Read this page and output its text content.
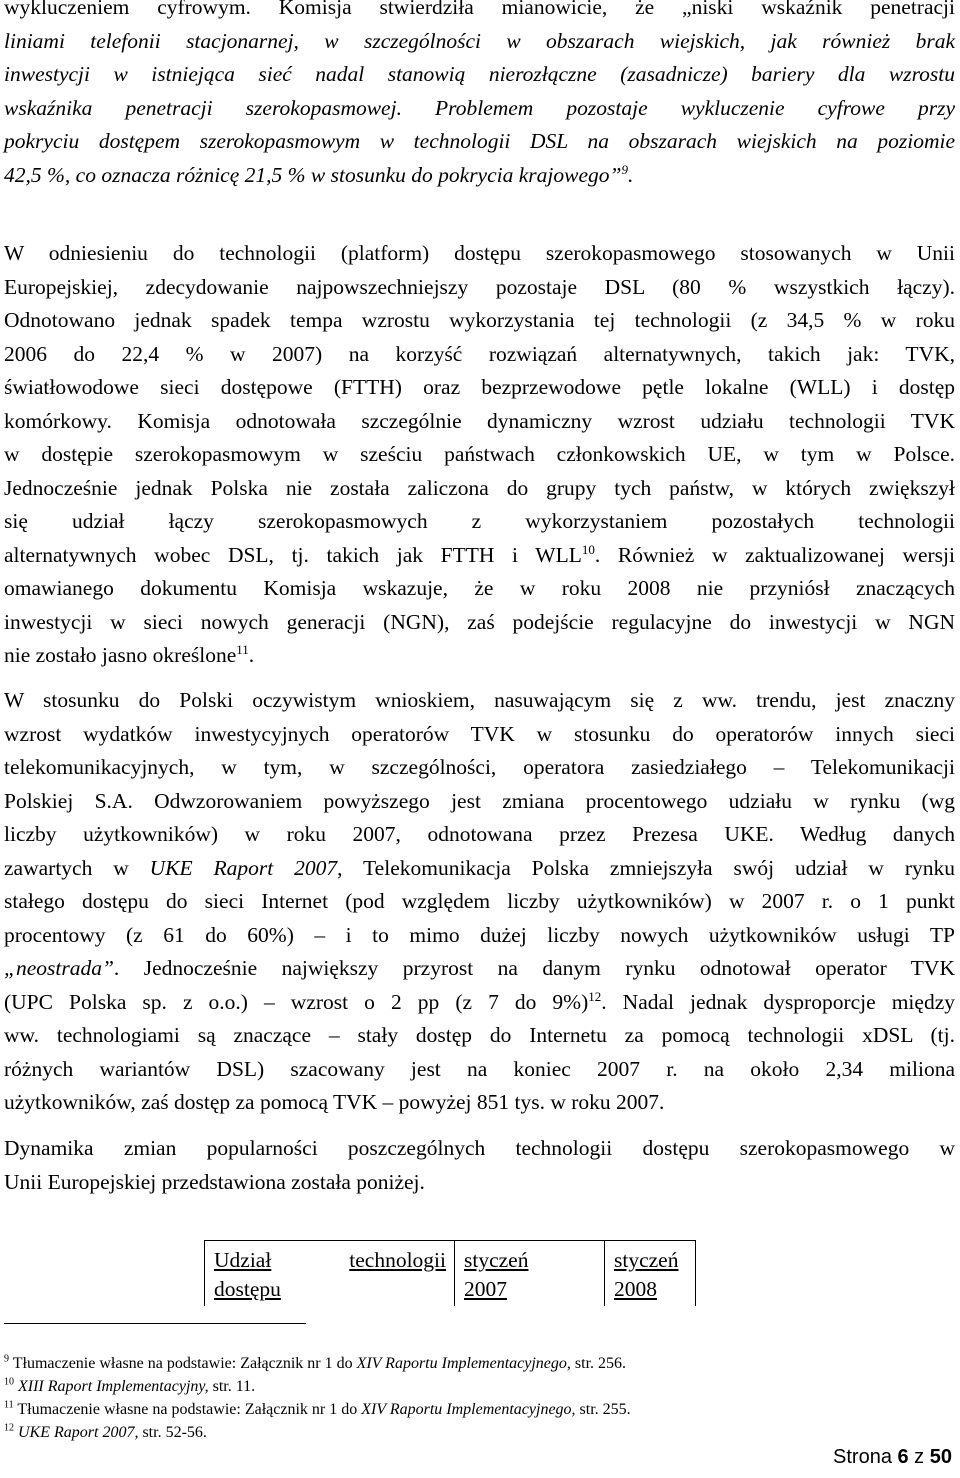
wykluczeniem cyfrowym. Komisja stwierdziła mianowicie, że „niski wskaźnik penetracji
liniami telefonii stacjonarnej, w szczególności w obszarach wiejskich, jak również brak
inwestycji w istniejąca sieć nadal stanowią nierozłączne (zasadnicze) bariery dla wzrostu
wskaźnika penetracji szerokopasmowej. Problemem pozostaje wykluczenie cyfrowe przy
pokryciu dostępem szerokopasmowym w technologii DSL na obszarach wiejskich na poziomie
42,5 %, co oznacza różnicę 21,5 % w stosunku do pokrycia krajowego”$^9$.
W odniesieniu do technologii (platform) dostępu szerokopasmowego stosowanych w Unii
Europejskiej, zdecydowanie najpowszechniejszy pozostaje DSL (80 % wszystkich łączy).
Odnotowano jednak spadek tempa wzrostu wykorzystania tej technologii (z 34,5 % w roku
2006 do 22,4 % w 2007) na korzyść rozwiązań alternatywnych, takich jak: TVK,
światłowodowe sieci dostępowe (FTTH) oraz bezprzewodowe pętle lokalne (WLL) i dostęp
komórkowy. Komisja odnotowała szczególnie dynamiczny wzrost udziału technologii TVK
w dostępie szerokopasmowym w sześciu państwach członkowskich UE, w tym w Polsce.
Jednocześnie jednak Polska nie została zaliczona do grupy tych państw, w których zwiększył
się udział łączy szerokopasmowych z wykorzystaniem pozostałych technologii
alternatywnych wobec DSL, tj. takich jak FTTH i WLL$^{10}$. Również w zaktualizowanej wersji
omawianego dokumentu Komisja wskazuje, że w roku 2008 nie przyniósł znaczących
inwestycji w sieci nowych generacji (NGN), zaś podejście regulacyjne do inwestycji w NGN
nie zostało jasno określone$^{11}$.
W stosunku do Polski oczywistym wnioskiem, nasuwającym się z ww. trendu, jest znaczny
wzrost wydatków inwestycyjnych operatorów TVK w stosunku do operatorów innych sieci
telekomunikacyjnych, w tym, w szczególności, operatora zasiedziałego – Telekomunikacji
Polskiej S.A. Odwzorowaniem powyższego jest zmiana procentowego udziału w rynku (wg
liczby użytkowników) w roku 2007, odnotowana przez Prezesa UKE. Według danych
zawartych w UKE Raport 2007, Telekomunikacja Polska zmniejszyła swój udział w rynku
stałego dostępu do sieci Internet (pod względem liczby użytkowników) w 2007 r. o 1 punkt
procentowy (z 61 do 60%) – i to mimo dużej liczby nowych użytkowników usługi TP
„neostrada”. Jednocześnie największy przyrost na danym rynku odnotował operator TVK
(UPC Polska sp. z o.o.) – wzrost o 2 pp (z 7 do 9%)$^{12}$. Nadal jednak dysproporcje między
ww. technologiami są znaczące – stały dostęp do Internetu za pomocą technologii xDSL (tj.
różnych wariantów DSL) szacowany jest na koniec 2007 r. na około 2,34 miliona
użytkowników, zaś dostęp za pomocą TVK – powyżej 851 tys. w roku 2007.
Dynamika zmian popularności poszczególnych technologii dostępu szerokopasmowego w
Unii Europejskiej przedstawiona została poniżej.
Udział	technologii
dostępu
styczeń
2007
styczeń
2008
$^9$ Tłumaczenie własne na podstawie: Załącznik nr 1 do XIV Raportu Implementacyjnego, str. 256.
$^{10}$ XIII Raport Implementacyjny, str. 11.
$^{11}$ Tłumaczenie własne na podstawie: Załącznik nr 1 do XIV Raportu Implementacyjnego, str. 255.
$^{12}$ UKE Raport 2007, str. 52-56.
Strona 6 z 50
